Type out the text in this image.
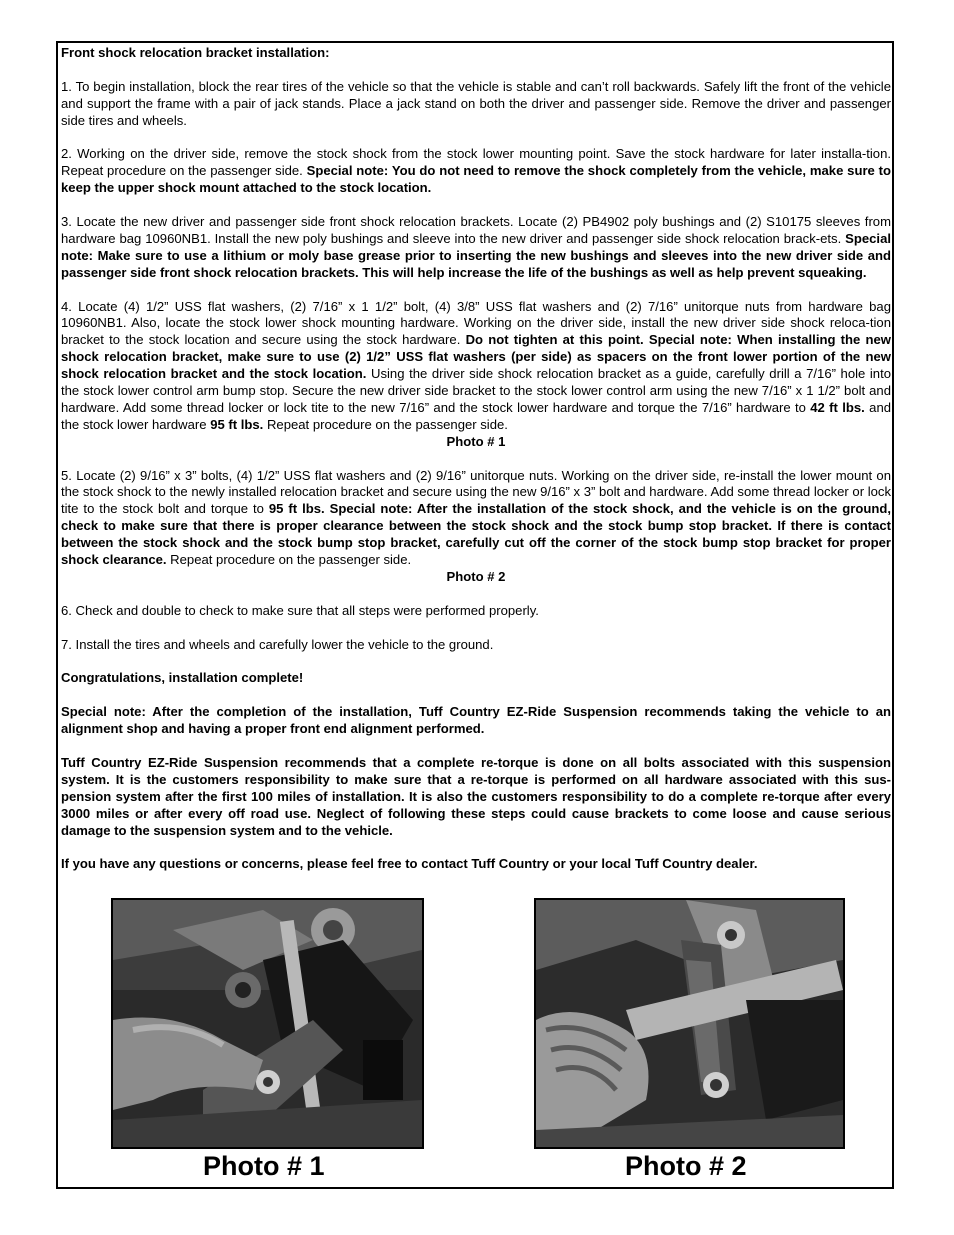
Front shock relocation bracket installation:

1. To begin installation, block the rear tires of the vehicle so that the vehicle is stable and can’t roll backwards. Safely lift the front of the vehicle and support the frame with a pair of jack stands. Place a jack stand on both the driver and passenger side. Remove the driver and passenger side tires and wheels.

2. Working on the driver side, remove the stock shock from the stock lower mounting point. Save the stock hardware for later installa-tion. Repeat procedure on the passenger side. Special note: You do not need to remove the shock completely from the vehicle, make sure to keep the upper shock mount attached to the stock location.

3. Locate the new driver and passenger side front shock relocation brackets. Locate (2) PB4902 poly bushings and (2) S10175 sleeves from hardware bag 10960NB1. Install the new poly bushings and sleeve into the new driver and passenger side shock relocation brack-ets. Special note: Make sure to use a lithium or moly base grease prior to inserting the new bushings and sleeves into the new driver side and passenger side front shock relocation brackets. This will help increase the life of the bushings as well as help prevent squeaking.

4. Locate (4) 1/2” USS flat washers, (2) 7/16” x 1 1/2” bolt, (4) 3/8” USS flat washers and (2) 7/16” unitorque nuts from hardware bag 10960NB1. Also, locate the stock lower shock mounting hardware. Working on the driver side, install the new driver side shock reloca-tion bracket to the stock location and secure using the stock hardware. Do not tighten at this point. Special note: When installing the new shock relocation bracket, make sure to use (2) 1/2” USS flat washers (per side) as spacers on the front lower portion of the new shock relocation bracket and the stock location. Using the driver side shock relocation bracket as a guide, carefully drill a 7/16” hole into the stock lower control arm bump stop. Secure the new driver side bracket to the stock lower control arm using the new 7/16” x 1 1/2” bolt and hardware. Add some thread locker or lock tite to the new 7/16” and the stock lower hardware and torque the 7/16” hardware to 42 ft lbs. and the stock lower hardware 95 ft lbs. Repeat procedure on the passenger side.

Photo # 1

5. Locate (2) 9/16” x 3” bolts, (4) 1/2” USS flat washers and (2) 9/16” unitorque nuts. Working on the driver side, re-install the lower mount on the stock shock to the newly installed relocation bracket and secure using the new 9/16” x 3” bolt and hardware. Add some thread locker or lock tite to the stock bolt and torque to 95 ft lbs. Special note: After the installation of the stock shock, and the vehicle is on the ground, check to make sure that there is proper clearance between the stock shock and the stock bump stop bracket. If there is contact between the stock shock and the stock bump stop bracket, carefully cut off the corner of the stock bump stop bracket for proper shock clearance. Repeat procedure on the passenger side.

Photo # 2

6. Check and double to check to make sure that all steps were performed properly.

7. Install the tires and wheels and carefully lower the vehicle to the ground.

Congratulations, installation complete!

Special note: After the completion of the installation, Tuff Country EZ-Ride Suspension recommends taking the vehicle to an alignment shop and having a proper front end alignment performed.

Tuff Country EZ-Ride Suspension recommends that a complete re-torque is done on all bolts associated with this suspension system. It is the customers responsibility to make sure that a re-torque is performed on all hardware associated with this sus-pension system after the first 100 miles of installation. It is also the customers responsibility to do a complete re-torque after every 3000 miles or after every off road use. Neglect of following these steps could cause brackets to come loose and cause serious damage to the suspension system and to the vehicle.

If you have any questions or concerns, please feel free to contact Tuff Country or your local Tuff Country dealer.

Photo # 1	Photo # 2
